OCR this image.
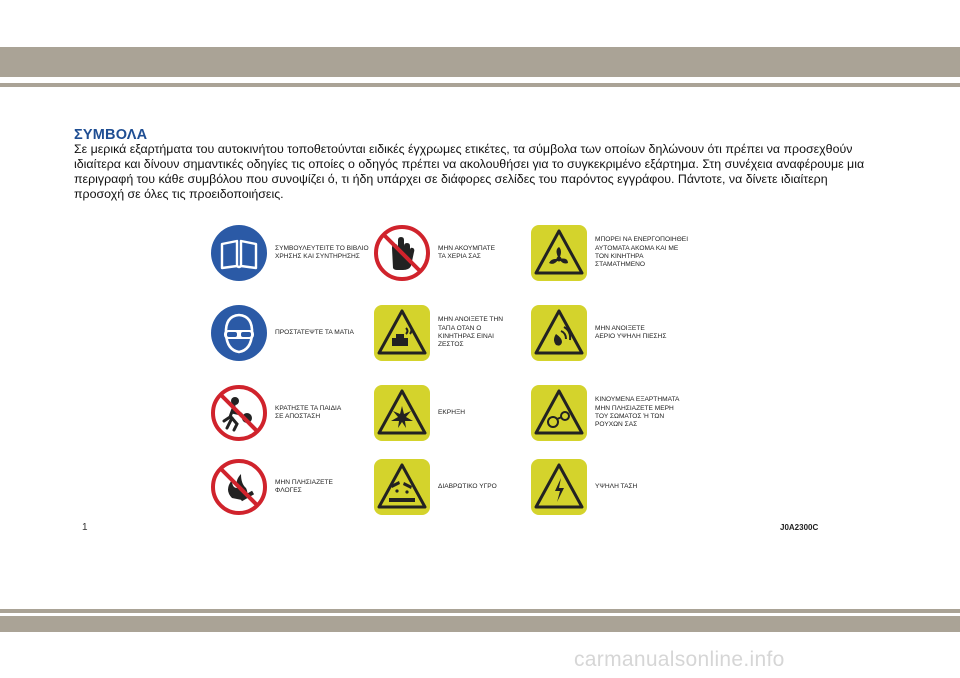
ΣΥΜΒΟΛΑ

Σε μερικά εξαρτήματα του αυτοκινήτου τοποθετούνται ειδικές έγχρωμες ετικέτες, τα σύμβολα των οποίων δηλώνουν ότι πρέπει να προσεχθούν ιδιαίτερα και δίνουν σημαντικές οδηγίες τις οποίες ο οδηγός πρέπει να ακολουθήσει για το συγκεκριμένο εξάρτημα. Στη συνέχεια αναφέρουμε μια περιγραφή του κάθε συμβόλου που συνοψίζει ό, τι ήδη υπάρχει σε διάφορες σελίδες του παρόντος εγγράφου. Πάντοτε, να δίνετε ιδιαίτερη προσοχή σε όλες τις προειδοποιήσεις.

ΣΥΜΒΟΥΛΕΥΤΕΙΤΕ ΤΟ ΒΙΒΛΙΟ
ΧΡΗΣΗΣ ΚΑΙ ΣΥΝΤΗΡΗΣΗΣ
ΠΡΟΣΤΑΤΕΨΤΕ ΤΑ ΜΑΤΙΑ
ΚΡΑΤΗΣΤΕ ΤΑ ΠΑΙΔΙΑ
ΣΕ ΑΠΟΣΤΑΣΗ
ΜΗΝ ΠΛΗΣΙΑΖΕΤΕ
ΦΛΟΓΕΣ
ΜΗΝ ΑΚΟΥΜΠΑΤΕ
ΤΑ ΧΕΡΙΑ ΣΑΣ
ΜΗΝ ΑΝΟΙΞΕΤΕ ΤΗΝ
ΤΑΠΑ ΟΤΑΝ Ο
ΚΙΝΗΤΗΡΑΣ ΕΙΝΑΙ
ΖΕΣΤΟΣ
ΕΚΡΗΞΗ
ΔΙΑΒΡΩΤΙΚΟ ΥΓΡΟ
ΜΠΟΡΕΙ ΝΑ ΕΝΕΡΓΟΠΟΙΗΘΕΙ
ΑΥΤΟΜΑΤΑ ΑΚΟΜΑ ΚΑΙ ΜΕ
ΤΟΝ ΚΙΝΗΤΗΡΑ
ΣΤΑΜΑΤΗΜΕΝΟ
ΜΗΝ ΑΝΟΙΞΕΤΕ
ΑΕΡΙΟ ΥΨΗΛΗ ΠΙΕΣΗΣ
ΚΙΝΟΥΜΕΝΑ ΕΞΑΡΤΗΜΑΤΑ
ΜΗΝ ΠΛΗΣΙΑΖΕΤΕ ΜΕΡΗ
ΤΟΥ ΣΩΜΑΤΟΣ Ή ΤΩΝ
ΡΟΥΧΩΝ ΣΑΣ
ΥΨΗΛΗ ΤΑΣΗ
1	J0A2300C
carmanualsonline.info
